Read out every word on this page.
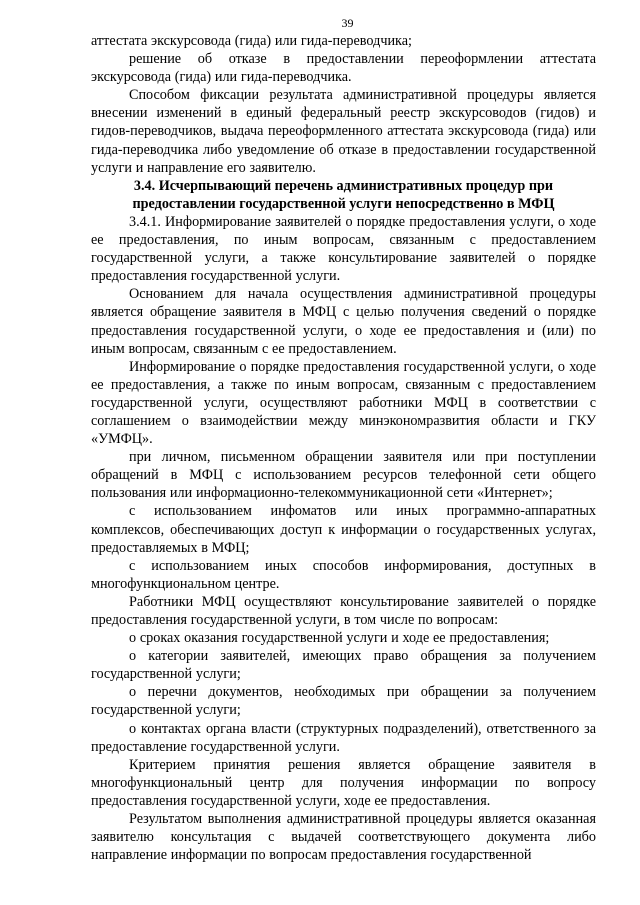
39

аттестата экскурсовода (гида) или гида-переводчика;

решение об отказе в предоставлении переоформлении аттестата экскурсовода (гида) или гида-переводчика.

Способом фиксации результата административной процедуры является внесении изменений в единый федеральный реестр экскурсоводов (гидов) и гидов-переводчиков, выдача переоформленного аттестата экскурсовода (гида) или гида-переводчика либо уведомление об отказе в предоставлении государственной услуги и направление его заявителю.

3.4. Исчерпывающий перечень административных процедур при предоставлении государственной услуги непосредственно в МФЦ

3.4.1. Информирование заявителей о порядке предоставления услуги, о ходе ее предоставления, по иным вопросам, связанным с предоставлением государственной услуги, а также консультирование заявителей о порядке предоставления государственной услуги.

Основанием для начала осуществления административной процедуры является обращение заявителя в МФЦ с целью получения сведений о порядке предоставления государственной услуги, о ходе ее предоставления и (или) по иным вопросам, связанным с ее предоставлением.

Информирование о порядке предоставления государственной услуги, о ходе ее предоставления, а также по иным вопросам, связанным с предоставлением государственной услуги, осуществляют работники МФЦ в соответствии с соглашением о взаимодействии между минэкономразвития области и ГКУ «УМФЦ».

при личном, письменном обращении заявителя или при поступлении обращений в МФЦ с использованием ресурсов телефонной сети общего пользования или информационно-телекоммуникационной сети «Интернет»;

с использованием инфоматов или иных программно-аппаратных комплексов, обеспечивающих доступ к информации о государственных услугах, предоставляемых в МФЦ;

с использованием иных способов информирования, доступных в многофункциональном центре.

Работники МФЦ осуществляют консультирование заявителей о порядке предоставления государственной услуги, в том числе по вопросам:

о сроках оказания государственной услуги и ходе ее предоставления;

о категории заявителей, имеющих право обращения за получением государственной услуги;

о перечни документов, необходимых при обращении за получением государственной услуги;

о контактах органа власти (структурных подразделений), ответственного за предоставление государственной услуги.

Критерием принятия решения является обращение заявителя в многофункциональный центр для получения информации по вопросу предоставления государственной услуги, ходе ее предоставления.

Результатом выполнения административной процедуры является оказанная заявителю консультация с выдачей соответствующего документа либо направление информации по вопросам предоставления государственной
